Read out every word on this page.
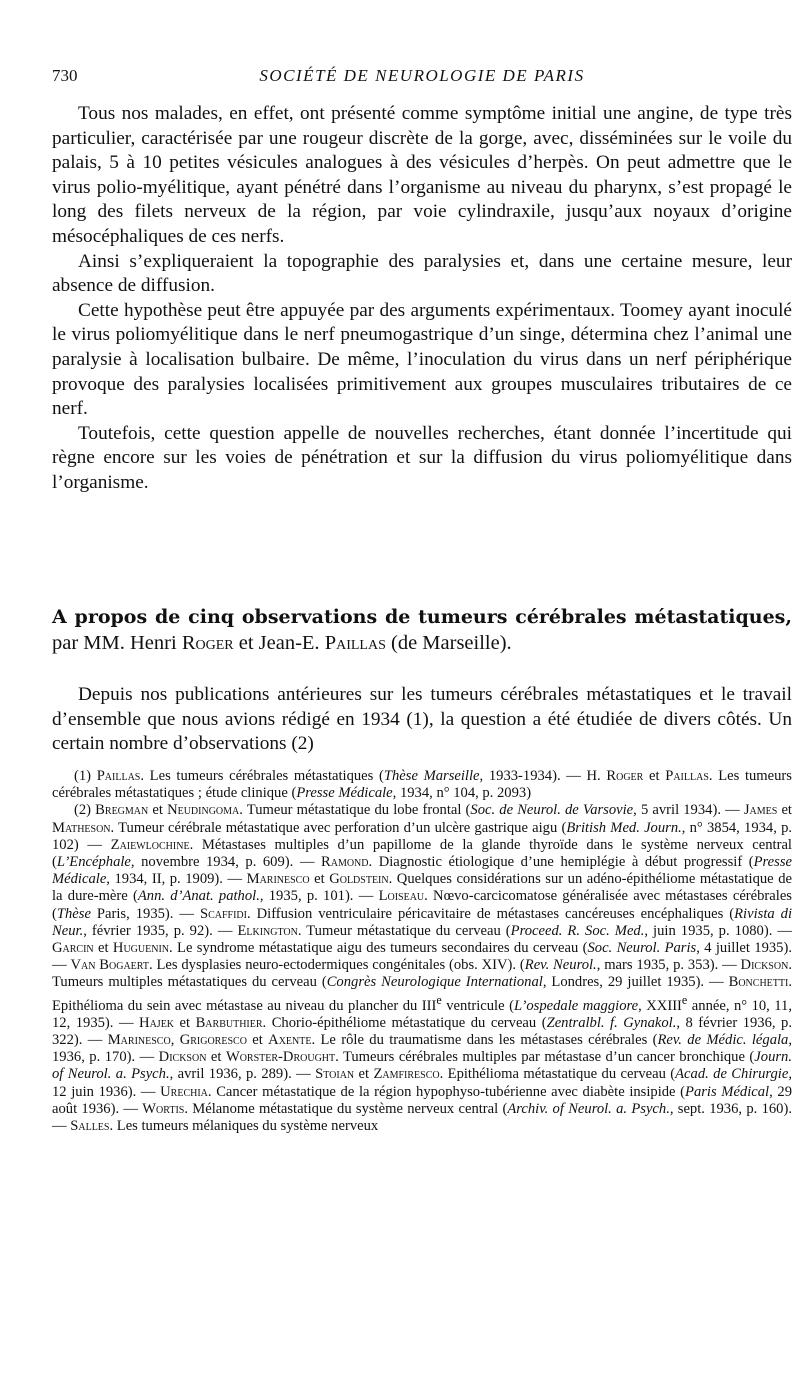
730	SOCIÉTÉ DE NEUROLOGIE DE PARIS

Tous nos malades, en effet, ont présenté comme symptôme initial une angine, de type très particulier, caractérisée par une rougeur discrète de la gorge, avec, disséminées sur le voile du palais, 5 à 10 petites vésicules analogues à des vésicules d’herpès. On peut admettre que le virus polio-myélitique, ayant pénétré dans l’organisme au niveau du pharynx, s’est propagé le long des filets nerveux de la région, par voie cylindraxile, jusqu’aux noyaux d’origine mésocéphaliques de ces nerfs.

Ainsi s’expliqueraient la topographie des paralysies et, dans une certaine mesure, leur absence de diffusion.

Cette hypothèse peut être appuyée par des arguments expérimentaux. Toomey ayant inoculé le virus poliomyélitique dans le nerf pneumogastrique d’un singe, détermina chez l’animal une paralysie à localisation bulbaire. De même, l’inoculation du virus dans un nerf périphérique provoque des paralysies localisées primitivement aux groupes musculaires tributaires de ce nerf.

Toutefois, cette question appelle de nouvelles recherches, étant donnée l’incertitude qui règne encore sur les voies de pénétration et sur la diffusion du virus poliomyélitique dans l’organisme.

A propos de cinq observations de tumeurs cérébrales métastatiques, par MM. Henri Roger et Jean-E. Paillas (de Marseille).

Depuis nos publications antérieures sur les tumeurs cérébrales métastatiques et le travail d’ensemble que nous avions rédigé en 1934 (1), la question a été étudiée de divers côtés. Un certain nombre d’observations (2)

(1) Paillas. Les tumeurs cérébrales métastatiques (Thèse Marseille, 1933-1934). — H. Roger et Paillas. Les tumeurs cérébrales métastatiques ; étude clinique (Presse Médicale, 1934, n° 104, p. 2093)

(2) Bregman et Neudingoma. Tumeur métastatique du lobe frontal (Soc. de Neurol. de Varsovie, 5 avril 1934). — James et Matheson. Tumeur cérébrale métastatique avec perforation d’un ulcère gastrique aigu (British Med. Journ., n° 3854, 1934, p. 102) — Zaiewlochine. Métastases multiples d’un papillome de la glande thyroïde dans le système nerveux central (L’Encéphale, novembre 1934, p. 609). — Ramond. Diagnostic étiologique d’une hemiplégie à début progressif (Presse Médicale, 1934, II, p. 1909). — Marinesco et Goldstein. Quelques considérations sur un adéno-épithéliome métastatique de la dure-mère (Ann. d’Anat. pathol., 1935, p. 101). — Loiseau. Nœvo-carcicomatose généralisée avec métastases cérébrales (Thèse Paris, 1935). — Scaffidi. Diffusion ventriculaire péricavitaire de métastases cancéreuses encéphaliques (Rivista di Neur., février 1935, p. 92). — Elkington. Tumeur métastatique du cerveau (Proceed. R. Soc. Med., juin 1935, p. 1080). — Garcin et Huguenin. Le syndrome métastatique aigu des tumeurs secondaires du cerveau (Soc. Neurol. Paris, 4 juillet 1935). — Van Bogaert. Les dysplasies neuro-ectodermiques congénitales (obs. XIV). (Rev. Neurol., mars 1935, p. 353). — Dickson. Tumeurs multiples métastatiques du cerveau (Congrès Neurologique International, Londres, 29 juillet 1935). — Bonchetti. Epithélioma du sein avec métastase au niveau du plancher du IIIe ventricule (L’ospedale maggiore, XXIIIe année, n° 10, 11, 12, 1935). — Hajek et Barbuthier. Chorio-épithéliome métastatique du cerveau (Zentralbl. f. Gynakol., 8 février 1936, p. 322). — Marinesco, Grigoresco et Axente. Le rôle du traumatisme dans les métastases cérébrales (Rev. de Médic. légala, 1936, p. 170). — Dickson et Worster-Drought. Tumeurs cérébrales multiples par métastase d’un cancer bronchique (Journ. of Neurol. a. Psych., avril 1936, p. 289). — Stoian et Zamfiresco. Epithélioma métastatique du cerveau (Acad. de Chirurgie, 12 juin 1936). — Urechia. Cancer métastatique de la région hypophyso-tubérienne avec diabète insipide (Paris Médical, 29 août 1936). — Wortis. Mélanome métastatique du système nerveux central (Archiv. of Neurol. a. Psych., sept. 1936, p. 160). — Salles. Les tumeurs mélaniques du système nerveux
